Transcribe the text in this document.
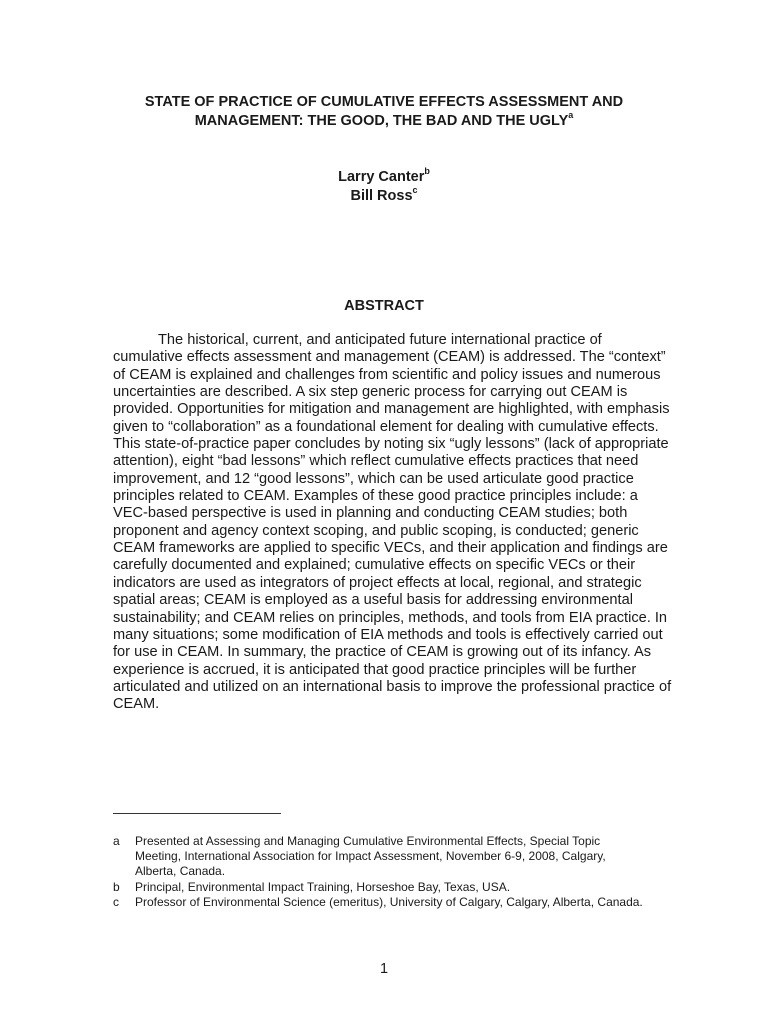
STATE OF PRACTICE OF CUMULATIVE EFFECTS ASSESSMENT AND MANAGEMENT: THE GOOD, THE BAD AND THE UGLY$^a$
Larry Canter$^b$
Bill Ross$^c$
ABSTRACT

The historical, current, and anticipated future international practice of cumulative effects assessment and management (CEAM) is addressed. The “context” of CEAM is explained and challenges from scientific and policy issues and numerous uncertainties are described. A six step generic process for carrying out CEAM is provided. Opportunities for mitigation and management are highlighted, with emphasis given to “collaboration” as a foundational element for dealing with cumulative effects. This state-of-practice paper concludes by noting six “ugly lessons” (lack of appropriate attention), eight “bad lessons” which reflect cumulative effects practices that need improvement, and 12 “good lessons”, which can be used articulate good practice principles related to CEAM. Examples of these good practice principles include: a VEC-based perspective is used in planning and conducting CEAM studies; both proponent and agency context scoping, and public scoping, is conducted; generic CEAM frameworks are applied to specific VECs, and their application and findings are carefully documented and explained; cumulative effects on specific VECs or their indicators are used as integrators of project effects at local, regional, and strategic spatial areas; CEAM is employed as a useful basis for addressing environmental sustainability; and CEAM relies on principles, methods, and tools from EIA practice. In many situations; some modification of EIA methods and tools is effectively carried out for use in CEAM. In summary, the practice of CEAM is growing out of its infancy. As experience is accrued, it is anticipated that good practice principles will be further articulated and utilized on an international basis to improve the professional practice of CEAM.

a	Presented at Assessing and Managing Cumulative Environmental Effects, Special Topic Meeting, International Association for Impact Assessment, November 6-9, 2008, Calgary, Alberta, Canada.
b	Principal, Environmental Impact Training, Horseshoe Bay, Texas, USA.
c	Professor of Environmental Science (emeritus), University of Calgary, Calgary, Alberta, Canada.
1
